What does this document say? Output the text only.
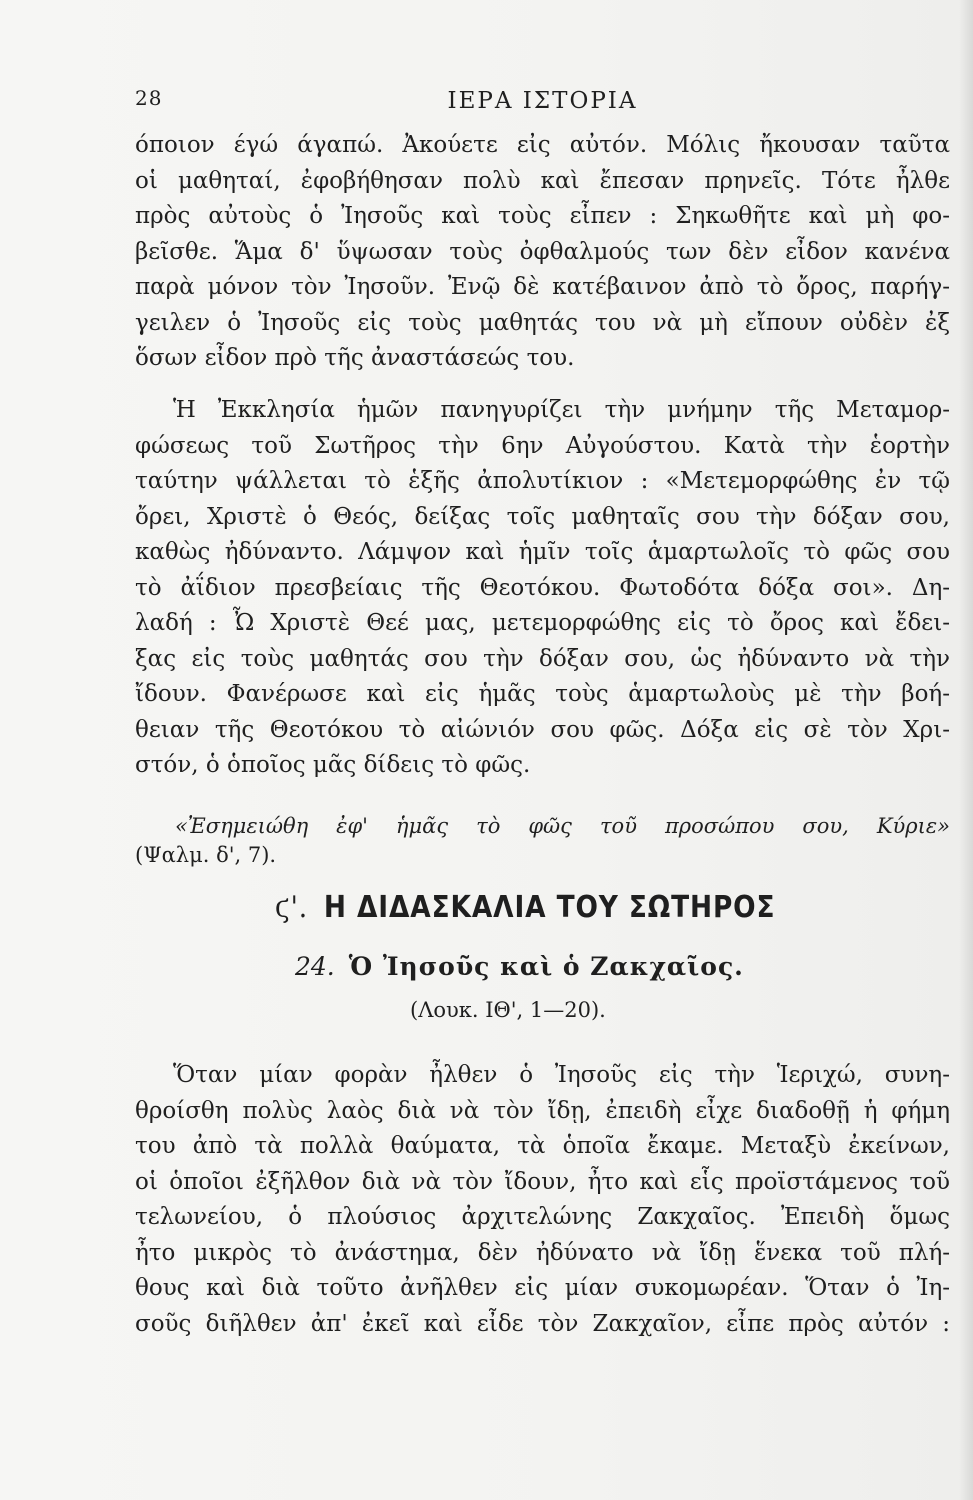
28	ΙΕΡΑ ΙΣΤΟΡΙΑ
όποιον έγώ άγαπώ. Ἀκούετε εἰς αὐτόν. Μόλις ἤκουσαν ταῦτα
οἱ μαθηταί, ἐφοβήθησαν πολὺ καὶ ἔπεσαν πρηνεῖς. Τότε ἦλθε
πρὸς αὐτοὺς ὁ Ἰησοῦς καὶ τοὺς εἶπεν : Σηκωθῆτε καὶ μὴ φο-
βεῖσθε. Ἅμα δ' ὕψωσαν τοὺς ὀφθαλμούς των δὲν εἶδον κανένα
παρὰ μόνον τὸν Ἰησοῦν. Ἐνῷ δὲ κατέβαινον ἀπὸ τὸ ὄρος, παρήγ-
γειλεν ὁ Ἰησοῦς εἰς τοὺς μαθητάς του νὰ μὴ εἴπουν οὐδὲν ἐξ
ὅσων εἶδον πρὸ τῆς ἀναστάσεώς του.
Ἡ Ἐκκλησία ἡμῶν πανηγυρίζει τὴν μνήμην τῆς Μεταμορ-
φώσεως τοῦ Σωτῆρος τὴν 6ην Αὐγούστου. Κατὰ τὴν ἑορτὴν
ταύτην ψάλλεται τὸ ἑξῆς ἀπολυτίκιον : «Μετεμορφώθης ἐν τῷ
ὄρει, Χριστὲ ὁ Θεός, δείξας τοῖς μαθηταῖς σου τὴν δόξαν σου,
καθὼς ἠδύναντο. Λάμψον καὶ ἡμῖν τοῖς ἁμαρτωλοῖς τὸ φῶς σου
τὸ ἀΐδιον πρεσβείαις τῆς Θεοτόκου. Φωτοδότα δόξα σοι». Δη-
λαδή : Ὦ Χριστὲ Θεέ μας, μετεμορφώθης εἰς τὸ ὄρος καὶ ἔδει-
ξας εἰς τοὺς μαθητάς σου τὴν δόξαν σου, ὡς ἠδύναντο νὰ τὴν
ἴδουν. Φανέρωσε καὶ εἰς ἡμᾶς τοὺς ἁμαρτωλοὺς μὲ τὴν βοή-
θειαν τῆς Θεοτόκου τὸ αἰώνιόν σου φῶς. Δόξα εἰς σὲ τὸν Χρι-
στόν, ὁ ὁποῖος μᾶς δίδεις τὸ φῶς.
«Ἐσημειώθη ἐφ' ἡμᾶς τὸ φῶς τοῦ προσώπου σου, Κύριε»
(Ψαλμ. δ', 7).
ϛ'. Η ΔΙΔΑΣΚΑΛΙΑ ΤΟΥ ΣΩΤΗΡΟΣ
24. Ὁ Ἰησοῦς καὶ ὁ Ζακχαῖος.
(Λουκ. ΙΘ', 1—20).
Ὅταν μίαν φορὰν ἦλθεν ὁ Ἰησοῦς εἰς τὴν Ἱεριχώ, συνη-
θροίσθη πολὺς λαὸς διὰ νὰ τὸν ἴδῃ, ἐπειδὴ εἶχε διαδοθῇ ἡ φήμη
του ἀπὸ τὰ πολλὰ θαύματα, τὰ ὁποῖα ἔκαμε. Μεταξὺ ἐκείνων,
οἱ ὁποῖοι ἐξῆλθον διὰ νὰ τὸν ἴδουν, ἦτο καὶ εἷς προϊστάμενος τοῦ
τελωνείου, ὁ πλούσιος ἀρχιτελώνης Ζακχαῖος. Ἐπειδὴ ὅμως
ἦτο μικρὸς τὸ ἀνάστημα, δὲν ἠδύνατο νὰ ἴδῃ ἕνεκα τοῦ πλή-
θους καὶ διὰ τοῦτο ἀνῆλθεν εἰς μίαν συκομωρέαν. Ὅταν ὁ Ἰη-
σοῦς διῆλθεν ἀπ' ἐκεῖ καὶ εἶδε τὸν Ζακχαῖον, εἶπε πρὸς αὐτόν :
